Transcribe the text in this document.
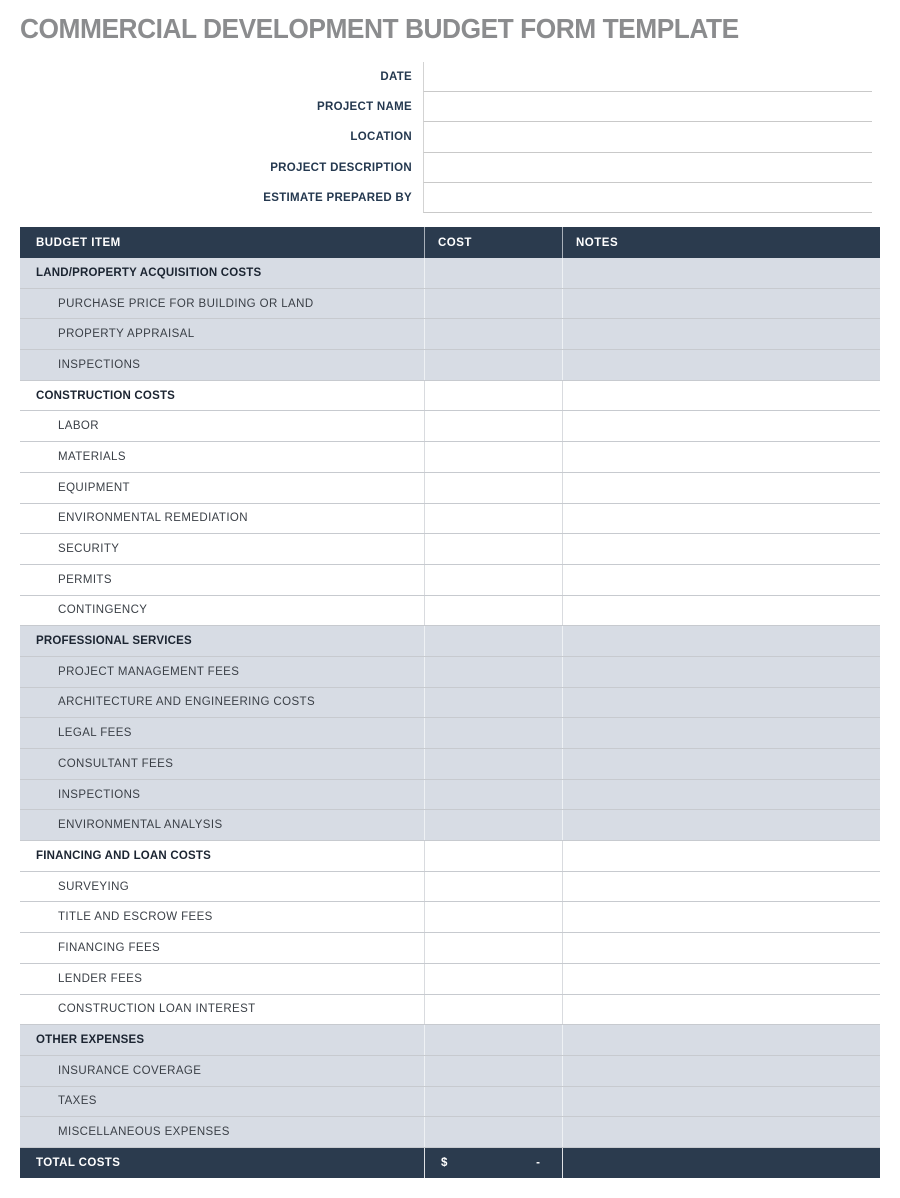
COMMERCIAL DEVELOPMENT BUDGET FORM TEMPLATE
DATE
PROJECT NAME
LOCATION
PROJECT DESCRIPTION
ESTIMATE PREPARED BY
BUDGET ITEM	COST	NOTES
LAND/PROPERTY ACQUISITION COSTS
PURCHASE PRICE FOR BUILDING OR LAND
PROPERTY APPRAISAL
INSPECTIONS
CONSTRUCTION COSTS
LABOR
MATERIALS
EQUIPMENT
ENVIRONMENTAL REMEDIATION
SECURITY
PERMITS
CONTINGENCY
PROFESSIONAL SERVICES
PROJECT MANAGEMENT FEES
ARCHITECTURE AND ENGINEERING COSTS
LEGAL FEES
CONSULTANT FEES
INSPECTIONS
ENVIRONMENTAL ANALYSIS
FINANCING AND LOAN COSTS
SURVEYING
TITLE AND ESCROW FEES
FINANCING FEES
LENDER FEES
CONSTRUCTION LOAN INTEREST
OTHER EXPENSES
INSURANCE COVERAGE
TAXES
MISCELLANEOUS EXPENSES
TOTAL COSTS	$	-
